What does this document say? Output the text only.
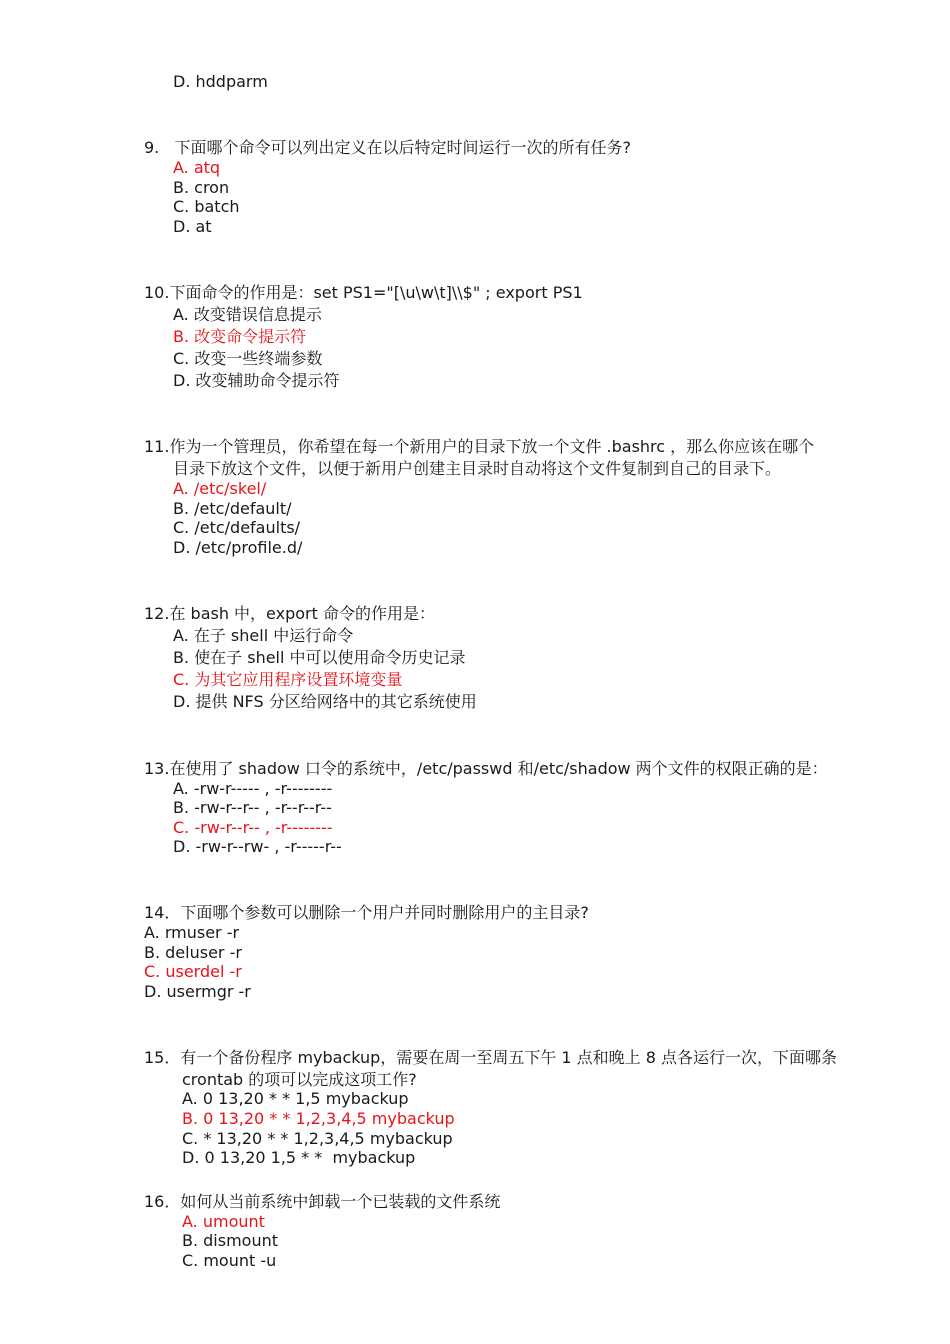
D. hddparm
9.   下面哪个命令可以列出定义在以后特定时间运行一次的所有任务?
A. atq
B. cron
C. batch
D. at
10.下面命令的作用是：set PS1="[\u\w\t]\\$" ; export PS1
A. 改变错误信息提示
B. 改变命令提示符
C. 改变一些终端参数
D. 改变辅助命令提示符
11.作为一个管理员，你希望在每一个新用户的目录下放一个文件 .bashrc ，那么你应该在哪个
目录下放这个文件，以便于新用户创建主目录时自动将这个文件复制到自己的目录下。
A. /etc/skel/
B. /etc/default/
C. /etc/defaults/
D. /etc/profile.d/
12.在 bash 中，export 命令的作用是：
A. 在子 shell 中运行命令
B. 使在子 shell 中可以使用命令历史记录
C. 为其它应用程序设置环境变量
D. 提供 NFS 分区给网络中的其它系统使用
13.在使用了 shadow 口令的系统中，/etc/passwd 和/etc/shadow 两个文件的权限正确的是：
A. -rw-r----- , -r--------
B. -rw-r--r-- , -r--r--r--
C. -rw-r--r-- , -r--------
D. -rw-r--rw- , -r-----r--
14．下面哪个参数可以删除一个用户并同时删除用户的主目录?
A. rmuser -r
B. deluser -r
C. userdel -r
D. usermgr -r
15．有一个备份程序 mybackup，需要在周一至周五下午 1 点和晚上 8 点各运行一次，下面哪条
crontab 的项可以完成这项工作?
A. 0 13,20 * * 1,5 mybackup
B. 0 13,20 * * 1,2,3,4,5 mybackup
C. * 13,20 * * 1,2,3,4,5 mybackup
D. 0 13,20 1,5 * *  mybackup
16．如何从当前系统中卸载一个已装载的文件系统
A. umount
B. dismount
C. mount -u
